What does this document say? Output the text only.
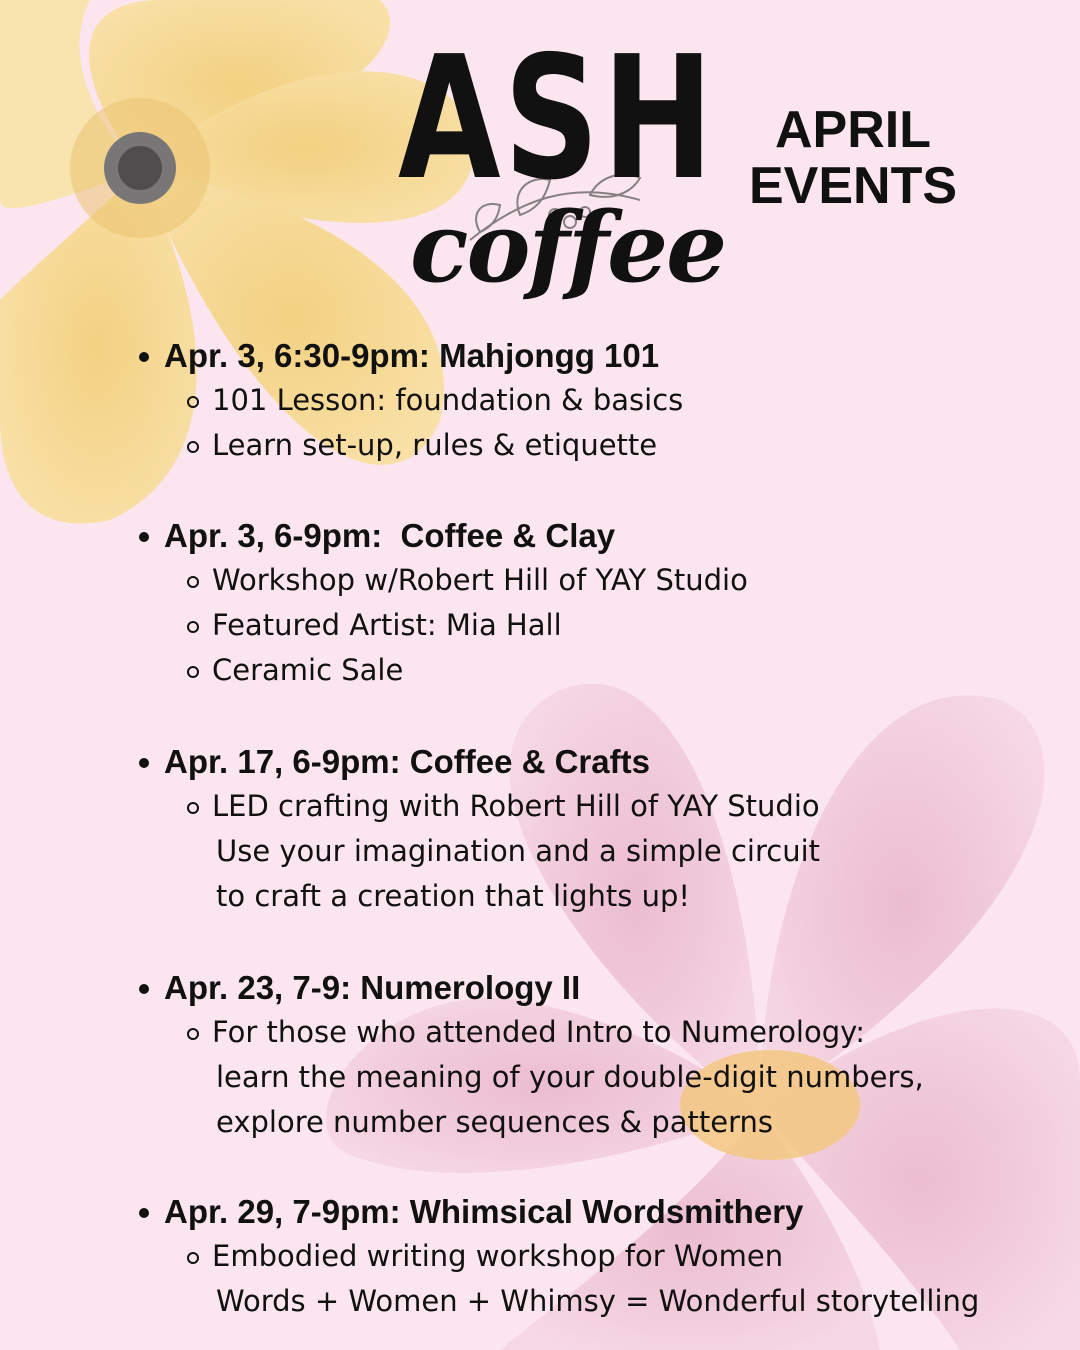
ASH
coffee
APRIL
EVENTS
Apr. 3, 6:30-9pm: Mahjongg 101
101 Lesson: foundation & basics
Learn set-up, rules & etiquette
Apr. 3, 6-9pm:  Coffee & Clay
Workshop w/Robert Hill of YAY Studio
Featured Artist: Mia Hall
Ceramic Sale
Apr. 17, 6-9pm: Coffee & Crafts
LED crafting with Robert Hill of YAY Studio
Use your imagination and a simple circuit
to craft a creation that lights up!
Apr. 23, 7-9: Numerology II
For those who attended Intro to Numerology:
learn the meaning of your double-digit numbers,
explore number sequences & patterns
Apr. 29, 7-9pm: Whimsical Wordsmithery
Embodied writing workshop for Women
Words + Women + Whimsy = Wonderful storytelling
